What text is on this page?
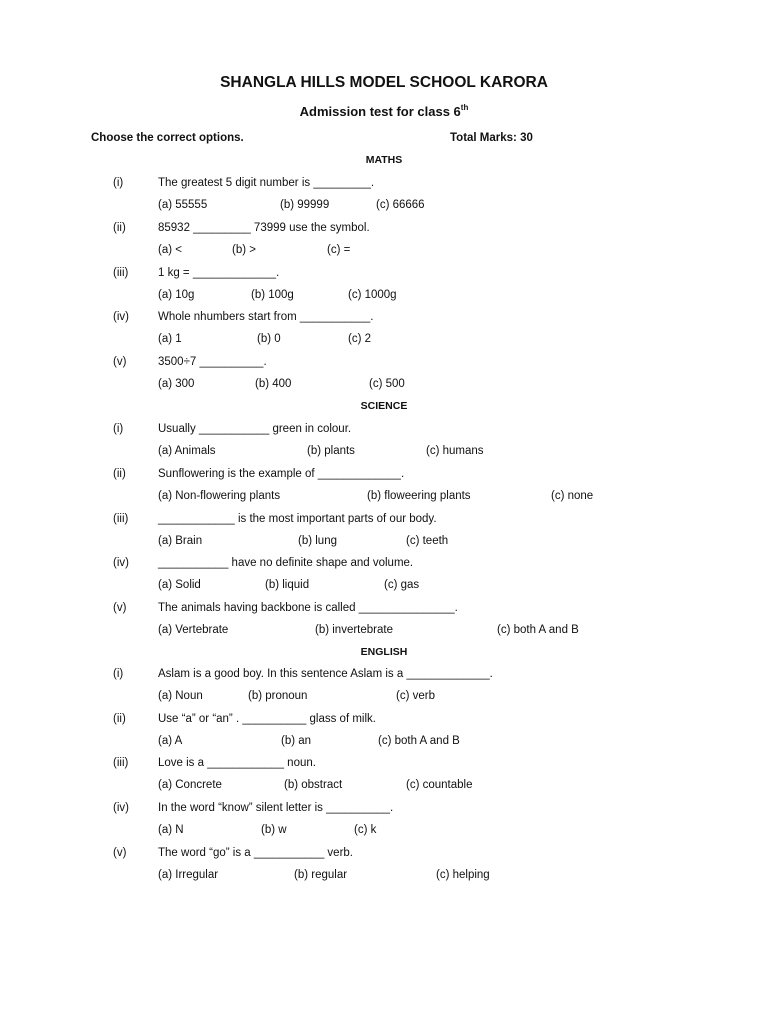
SHANGLA HILLS MODEL SCHOOL KARORA
Admission test for class 6th
Choose the correct options.	Total Marks: 30
MATHS
(i)	The greatest 5 digit number is _________.
(a) 55555	(b) 99999	(c) 66666
(ii)	85932 _________ 73999 use the symbol.
(a) <	(b) >	(c) =
(iii)	1 kg = _____________.
(a) 10g	(b) 100g	(c) 1000g
(iv)	Whole nhumbers start from ___________.
(a) 1	(b) 0	(c) 2
(v)	3500÷7 __________.
(a) 300	(b) 400	(c) 500
SCIENCE
(i)	Usually ___________ green in colour.
(a) Animals	(b) plants	(c) humans
(ii)	Sunflowering is the example of _____________.
(a) Non-flowering plants	(b) floweering plants	(c) none
(iii)	____________ is the most important parts of our body.
(a) Brain	(b) lung	(c) teeth
(iv)	___________ have no definite shape and volume.
(a) Solid	(b) liquid	(c) gas
(v)	The animals having backbone is called _______________.
(a) Vertebrate	(b) invertebrate	(c) both A and B
ENGLISH
(i)	Aslam is a good boy. In this sentence Aslam is a _____________.
(a) Noun	(b) pronoun	(c) verb
(ii)	Use “a” or “an” . __________ glass of milk.
(a) A	(b) an	(c) both A and B
(iii)	Love is a ____________ noun.
(a) Concrete	(b) obstract	(c) countable
(iv)	In the word “know” silent letter is __________.
(a) N	(b) w	(c) k
(v)	The word “go” is a ___________ verb.
(a) Irregular	(b) regular	(c) helping
